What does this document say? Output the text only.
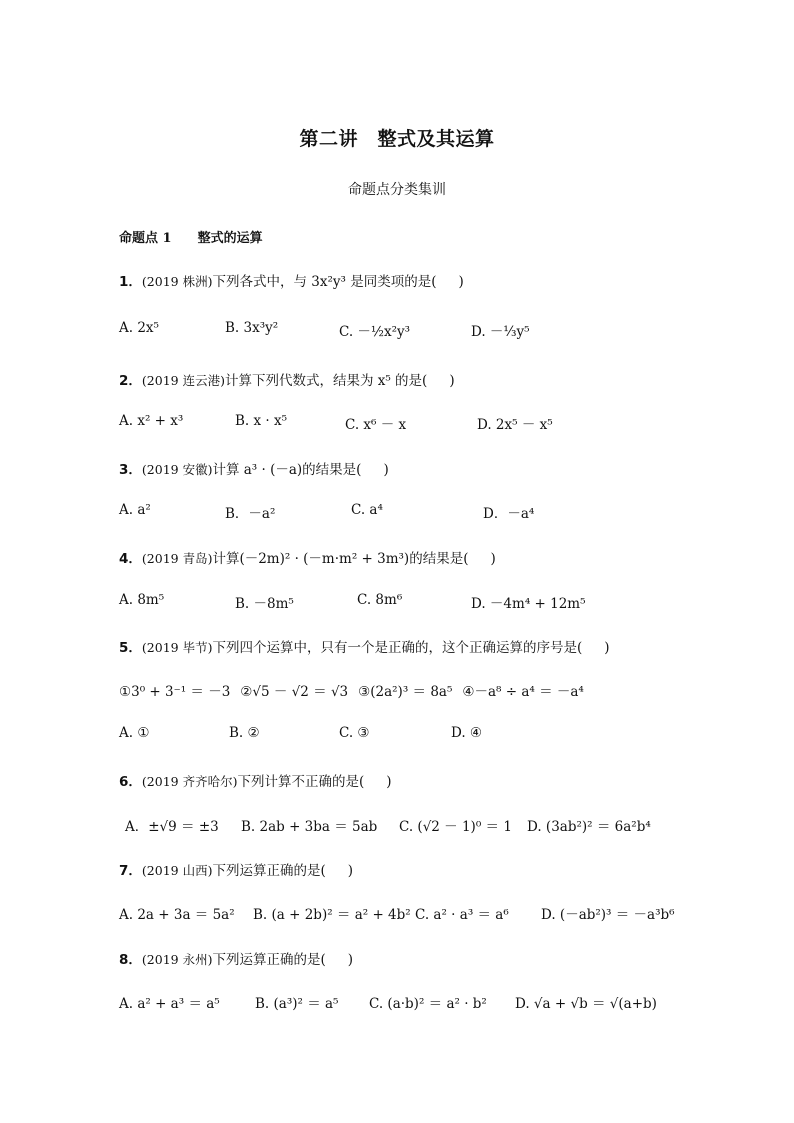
第二讲　整式及其运算
命题点分类集训
命题点 1 整式的运算
1．(2019 株洲)下列各式中，与 3x²y³ 是同类项的是( )
A. 2x⁵	B. 3x³y²	C. －½x²y³	D. －⅓y⁵
2．(2019 连云港)计算下列代数式，结果为 x⁵ 的是( )
A. x² + x³	B. x · x⁵	C. x⁶ － x	D. 2x⁵ － x⁵
3．(2019 安徽)计算 a³ · (－a)的结果是( )
A. a²	B．－a²	C. a⁴	D．－a⁴
4．(2019 青岛)计算(－2m)² · (－m·m² + 3m³)的结果是( )
A. 8m⁵	B. －8m⁵	C. 8m⁶	D. －4m⁴ + 12m⁵
5．(2019 毕节)下列四个运算中，只有一个是正确的，这个正确运算的序号是( )
①3⁰ + 3⁻¹ ＝ －3 ②√5 － √2 ＝ √3 ③(2a²)³ ＝ 8a⁵ ④－a⁸ ÷ a⁴ ＝ －a⁴
A. ①	B. ②	C. ③	D. ④
6．(2019 齐齐哈尔)下列计算不正确的是( )
A．±√9 ＝ ±3 B. 2ab + 3ba ＝ 5ab C. (√2 － 1)⁰ ＝ 1 D. (3ab²)² ＝ 6a²b⁴
7．(2019 山西)下列运算正确的是( )
A. 2a + 3a ＝ 5a² B. (a + 2b)² ＝ a² + 4b² C. a² · a³ ＝ a⁶ D. (－ab²)³ ＝ －a³b⁶
8．(2019 永州)下列运算正确的是( )
A. a² + a³ ＝ a⁵	B. (a³)² ＝ a⁵ C. (a·b)² ＝ a² · b² D. √a + √b ＝ √(a+b)
